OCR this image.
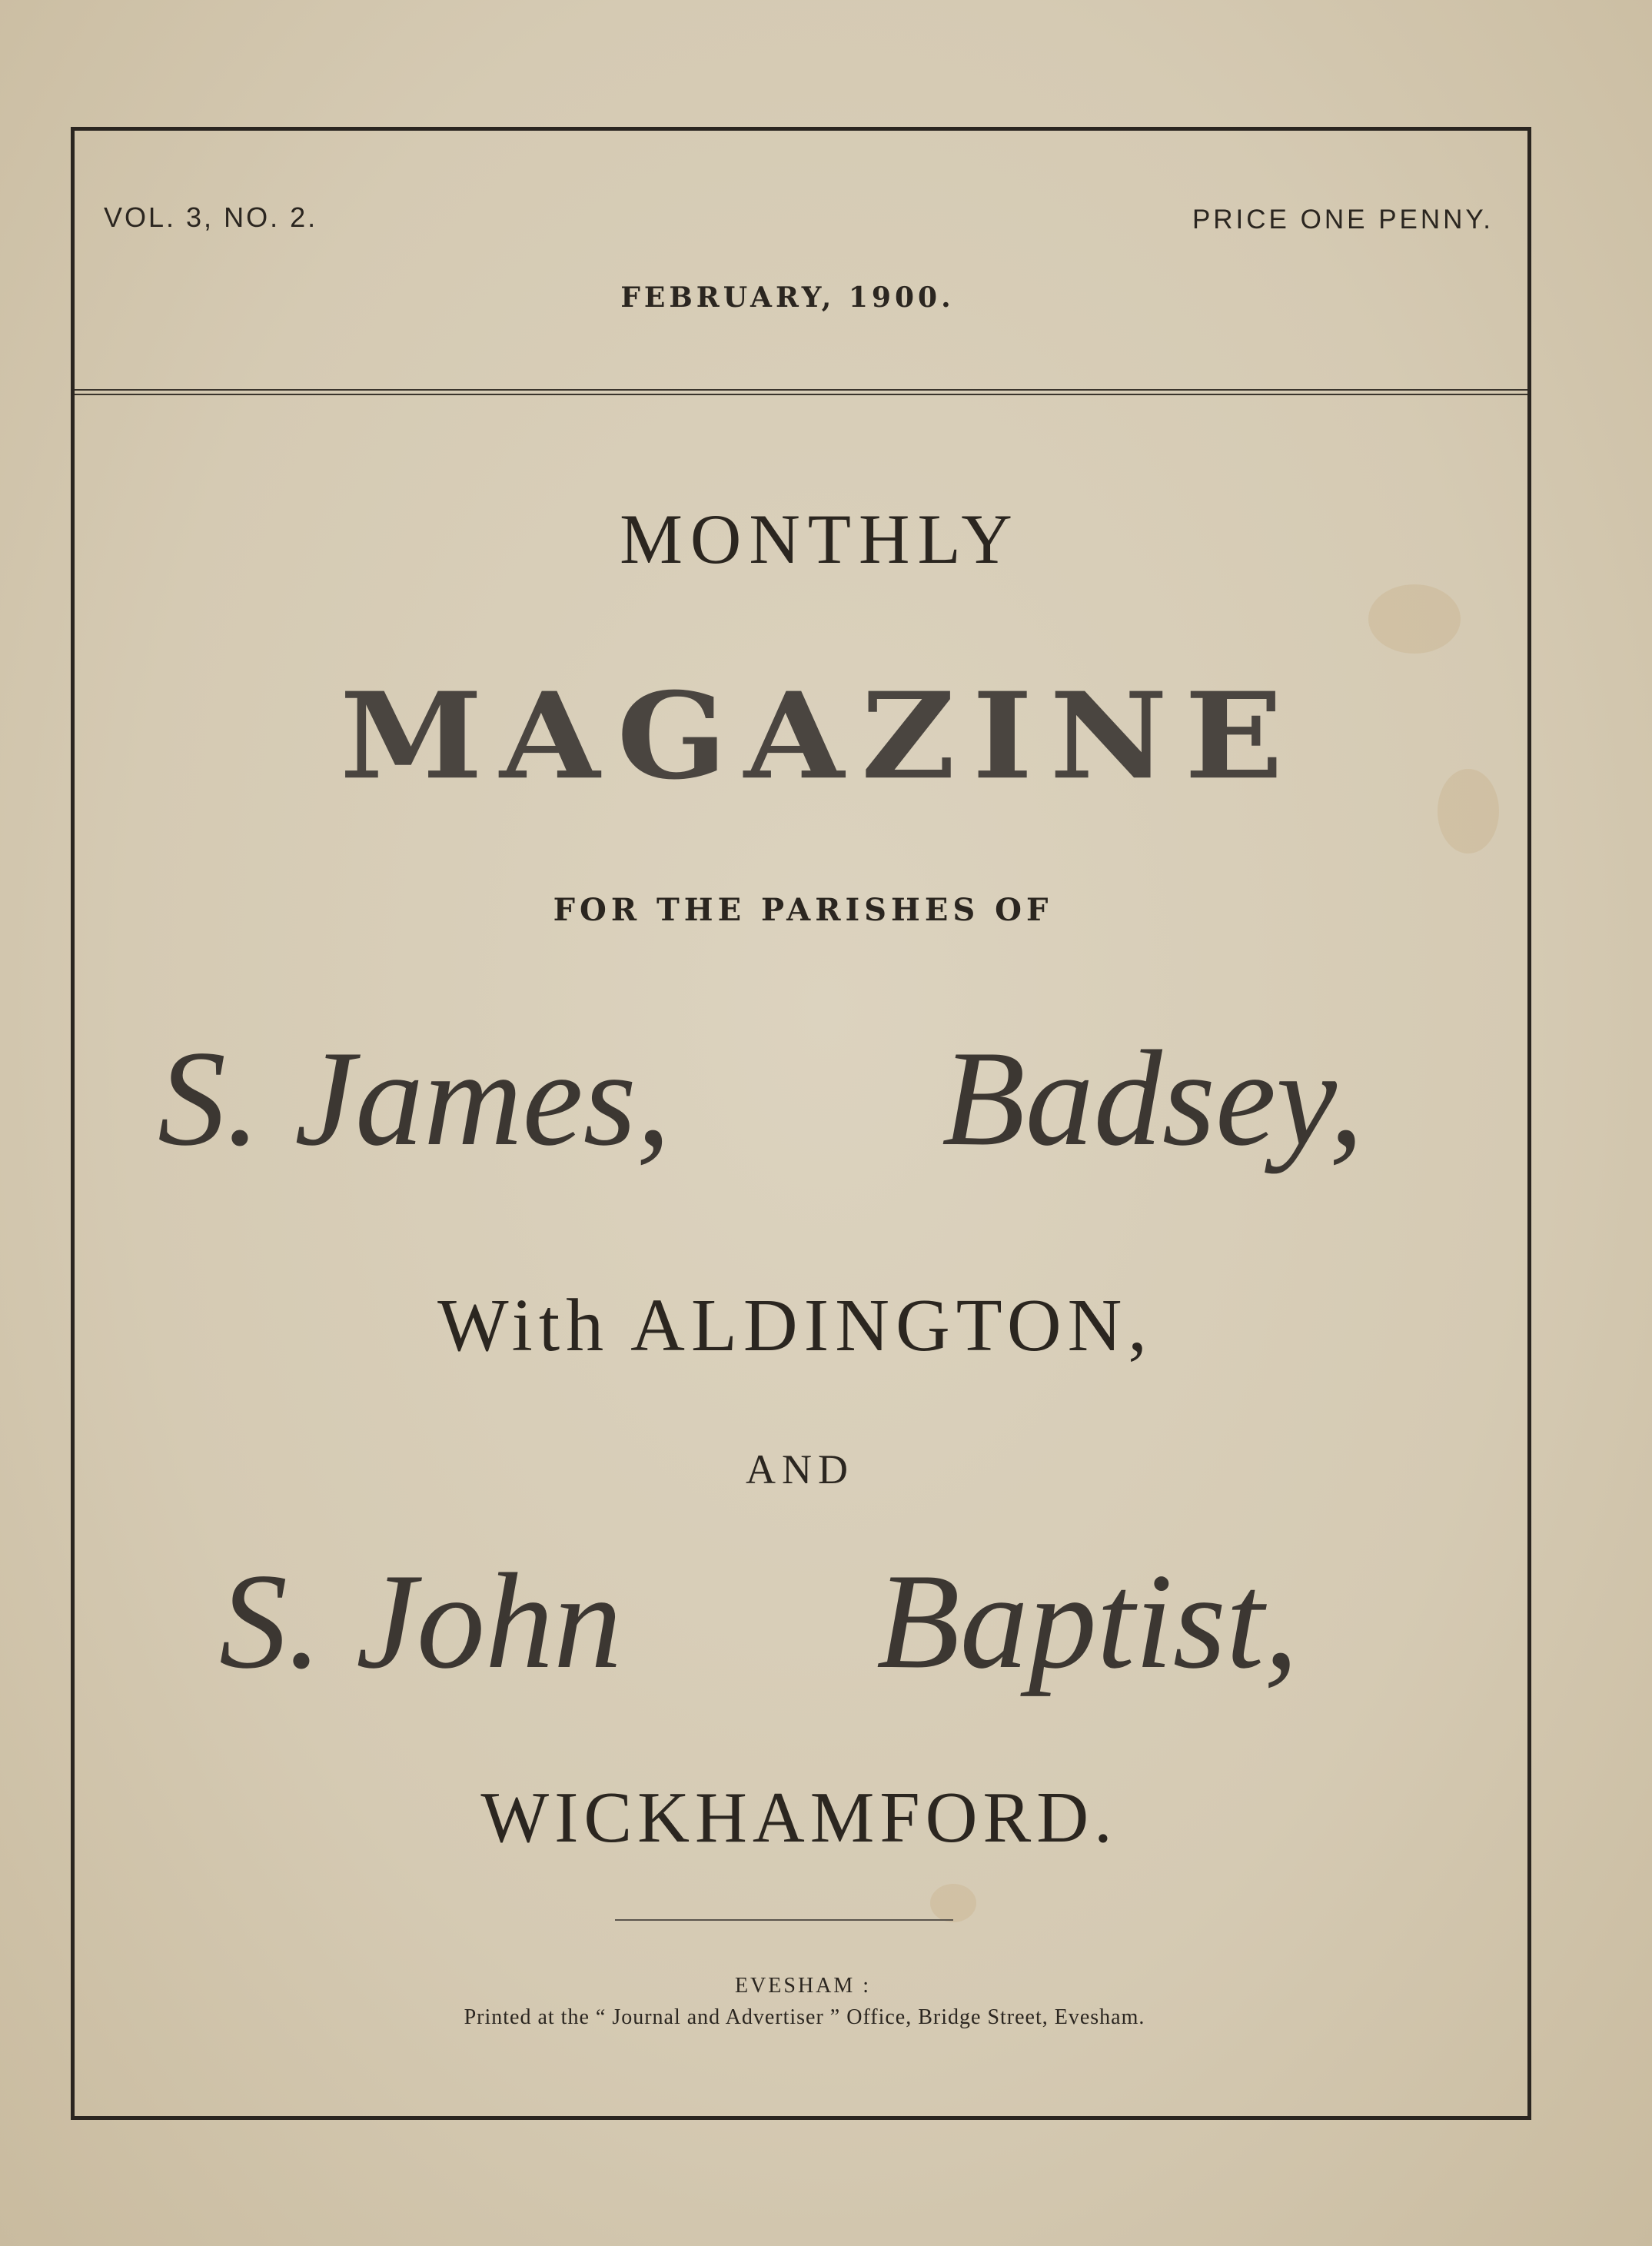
VOL. 3, NO. 2.	PRICE ONE PENNY.
FEBRUARY, 1900.
MONTHLY
MAGAZINE
FOR THE PARISHES OF
S. James, Badsey,
With ALDINGTON,
AND
S. John Baptist,
WICKHAMFORD.
EVESHAM :
Printed at the “ Journal and Advertiser ” Office, Bridge Street, Evesham.
